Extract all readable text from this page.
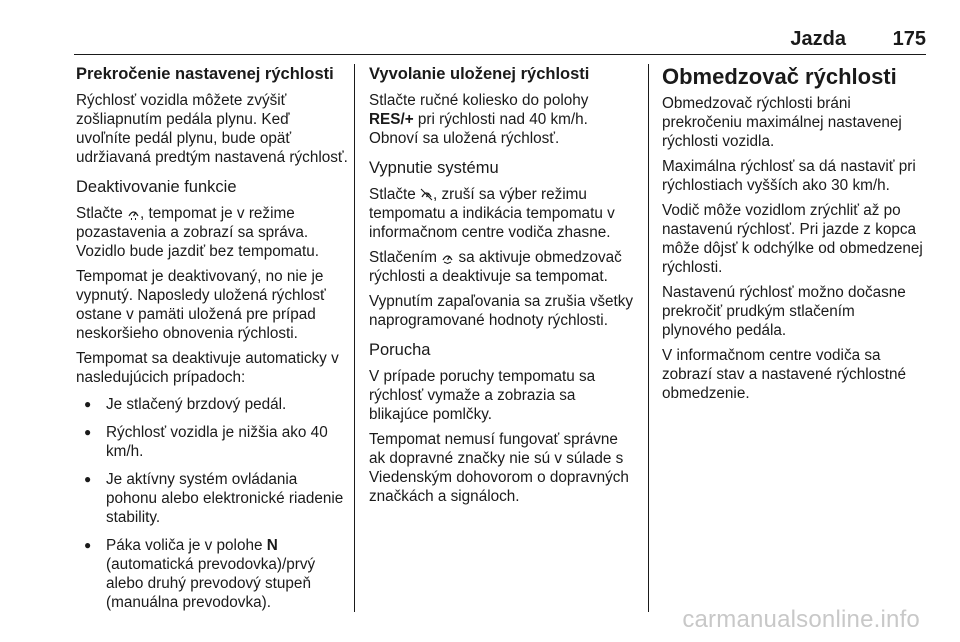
Jazda 175
Prekročenie nastavenej rýchlosti

Rýchlosť vozidla môžete zvýšiť zošliapnutím pedála plynu. Keď uvoľníte pedál plynu, bude opäť udržiavaná predtým nastavená rýchlosť.

Deaktivovanie funkcie

Stlačte , tempomat je v režime pozastavenia a zobrazí sa správa. Vozidlo bude jazdiť bez tempomatu.

Tempomat je deaktivovaný, no nie je vypnutý. Naposledy uložená rýchlosť ostane v pamäti uložená pre prípad neskoršieho obnovenia rýchlosti.

Tempomat sa deaktivuje automaticky v nasledujúcich prípadoch:

● Je stlačený brzdový pedál.
● Rýchlosť vozidla je nižšia ako 40 km/h.
● Je aktívny systém ovládania pohonu alebo elektronické riadenie stability.
● Páka voliča je v polohe N (automatická prevodovka)/prvý alebo druhý prevodový stupeň (manuálna prevodovka).
Vyvolanie uloženej rýchlosti

Stlačte ručné koliesko do polohy RES/+ pri rýchlosti nad 40 km/h. Obnoví sa uložená rýchlosť.

Vypnutie systému

Stlačte , zruší sa výber režimu tempomatu a indikácia tempomatu v informačnom centre vodiča zhasne.

Stlačením sa aktivuje obmedzovač rýchlosti a deaktivuje sa tempomat.

Vypnutím zapaľovania sa zrušia všetky naprogramované hodnoty rýchlosti.

Porucha

V prípade poruchy tempomatu sa rýchlosť vymaže a zobrazia sa blikajúce pomlčky.

Tempomat nemusí fungovať správne ak dopravné značky nie sú v súlade s Viedenským dohovorom o dopravných značkách a signáloch.

Obmedzovač rýchlosti

Obmedzovač rýchlosti bráni prekročeniu maximálnej nastavenej rýchlosti vozidla.

Maximálna rýchlosť sa dá nastaviť pri rýchlostiach vyšších ako 30 km/h.

Vodič môže vozidlom zrýchliť až po nastavenú rýchlosť. Pri jazde z kopca môže dôjsť k odchýlke od obmedzenej rýchlosti.

Nastavenú rýchlosť možno dočasne prekročiť prudkým stlačením plynového pedála.

V informačnom centre vodiča sa zobrazí stav a nastavené rýchlostné obmedzenie.

carmanualsonline.info
